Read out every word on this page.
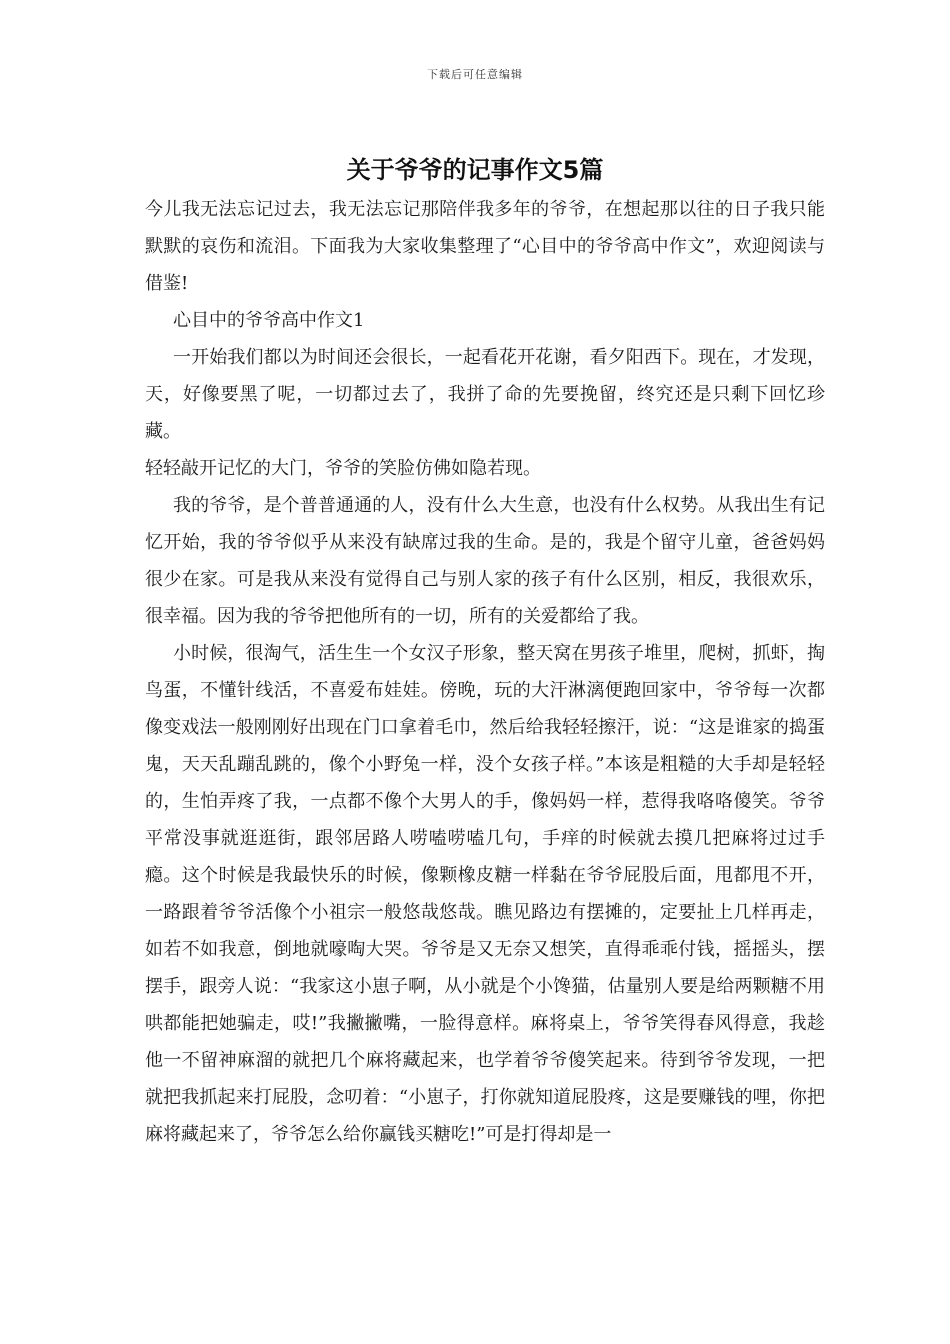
下载后可任意编辑
关于爷爷的记事作文5篇

今儿我无法忘记过去，我无法忘记那陪伴我多年的爷爷，在想起那以往的日子我只能默默的哀伤和流泪。下面我为大家收集整理了“心目中的爷爷高中作文”，欢迎阅读与借鉴!

心目中的爷爷高中作文1

一开始我们都以为时间还会很长，一起看花开花谢，看夕阳西下。现在，才发现，天，好像要黑了呢，一切都过去了，我拼了命的先要挽留，终究还是只剩下回忆珍藏。

轻轻敲开记忆的大门，爷爷的笑脸仿佛如隐若现。

我的爷爷，是个普普通通的人，没有什么大生意，也没有什么权势。从我出生有记忆开始，我的爷爷似乎从来没有缺席过我的生命。是的，我是个留守儿童，爸爸妈妈很少在家。可是我从来没有觉得自己与别人家的孩子有什么区别，相反，我很欢乐，很幸福。因为我的爷爷把他所有的一切，所有的关爱都给了我。

小时候，很淘气，活生生一个女汉子形象，整天窝在男孩子堆里，爬树，抓虾，掏鸟蛋，不懂针线活，不喜爱布娃娃。傍晚，玩的大汗淋漓便跑回家中，爷爷每一次都像变戏法一般刚刚好出现在门口拿着毛巾，然后给我轻轻擦汗，说：“这是谁家的捣蛋鬼，天天乱蹦乱跳的，像个小野兔一样，没个女孩子样。”本该是粗糙的大手却是轻轻的，生怕弄疼了我，一点都不像个大男人的手，像妈妈一样，惹得我咯咯傻笑。爷爷平常没事就逛逛街，跟邻居路人唠嗑唠嗑几句，手痒的时候就去摸几把麻将过过手瘾。这个时候是我最快乐的时候，像颗橡皮糖一样黏在爷爷屁股后面，甩都甩不开，一路跟着爷爷活像个小祖宗一般悠哉悠哉。瞧见路边有摆摊的，定要扯上几样再走，如若不如我意，倒地就嚎啕大哭。爷爷是又无奈又想笑，直得乖乖付钱，摇摇头，摆摆手，跟旁人说：“我家这小崽子啊，从小就是个小馋猫，估量别人要是给两颗糖不用哄都能把她骗走，哎!”我撇撇嘴，一脸得意样。麻将桌上，爷爷笑得春风得意，我趁他一不留神麻溜的就把几个麻将藏起来，也学着爷爷傻笑起来。待到爷爷发现，一把就把我抓起来打屁股，念叨着：“小崽子，打你就知道屁股疼，这是要赚钱的哩，你把麻将藏起来了，爷爷怎么给你赢钱买糖吃!”可是打得却是一
